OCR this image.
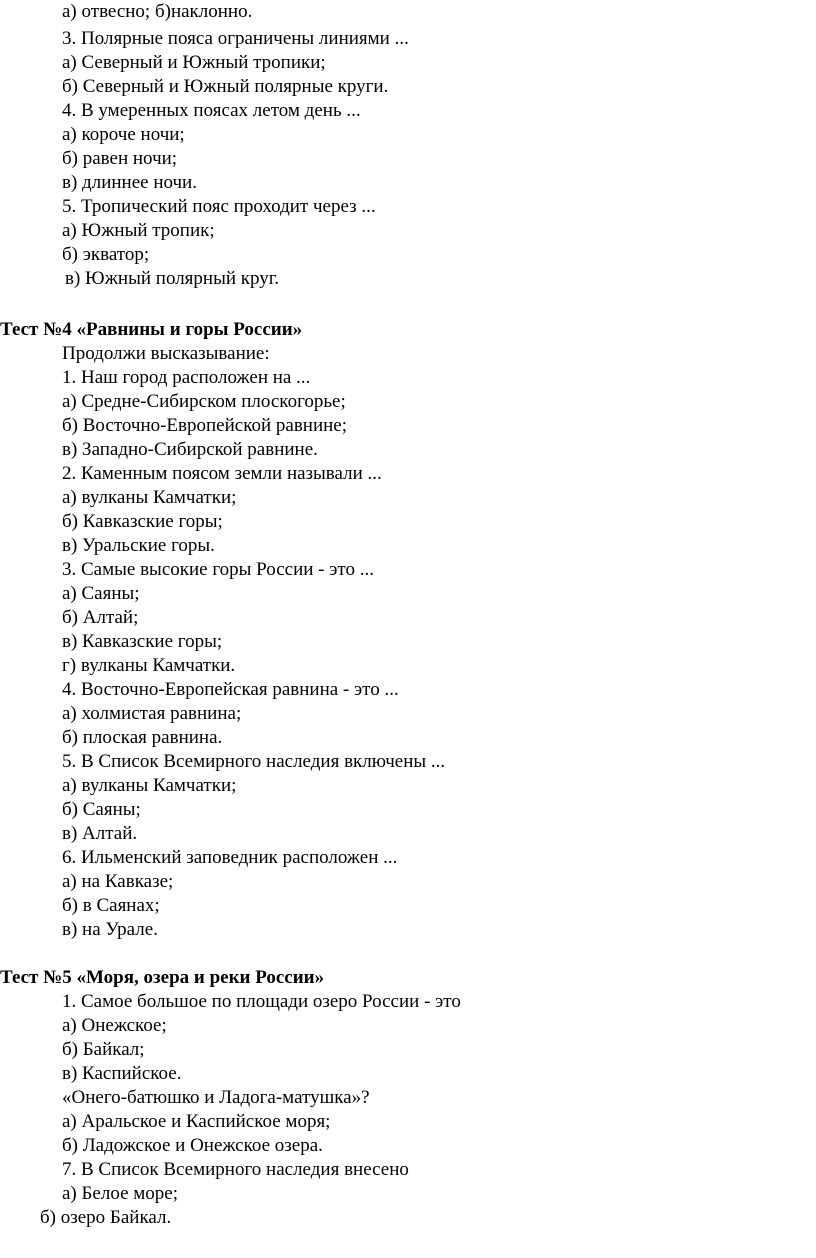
а) отвесно; б)наклонно.
3. Полярные пояса ограничены линиями ...
а) Северный и Южный тропики;
б) Северный и Южный полярные круги.
4. В умеренных поясах летом день ...
а) короче ночи;
б) равен ночи;
в) длиннее ночи.
5. Тропический пояс проходит через ...
а) Южный тропик;
б) экватор;
в) Южный полярный круг.
Тест №4 «Равнины и горы России»
Продолжи высказывание:
1. Наш город расположен на ...
а) Средне-Сибирском плоскогорье;
б) Восточно-Европейской равнине;
в) Западно-Сибирской равнине.
2. Каменным поясом земли называли ...
а) вулканы Камчатки;
б) Кавказские горы;
в) Уральские горы.
3. Самые высокие горы России - это ...
а) Саяны;
б) Алтай;
в) Кавказские горы;
г) вулканы Камчатки.
4. Восточно-Европейская равнина - это ...
а) холмистая равнина;
б) плоская равнина.
5. В Список Всемирного наследия включены ...
а) вулканы Камчатки;
б) Саяны;
в) Алтай.
6. Ильменский заповедник расположен ...
а) на Кавказе;
б) в Саянах;
в) на Урале.
Тест №5 «Моря, озера и реки России»
1. Самое большое по площади озеро России - это
а) Онежское;
б) Байкал;
в) Каспийское.
«Онего-батюшко и Ладога-матушка»?
а) Аральское и Каспийское моря;
б) Ладожское и Онежское озера.
7. В Список Всемирного наследия внесено
а) Белое море;
б) озеро Байкал.
